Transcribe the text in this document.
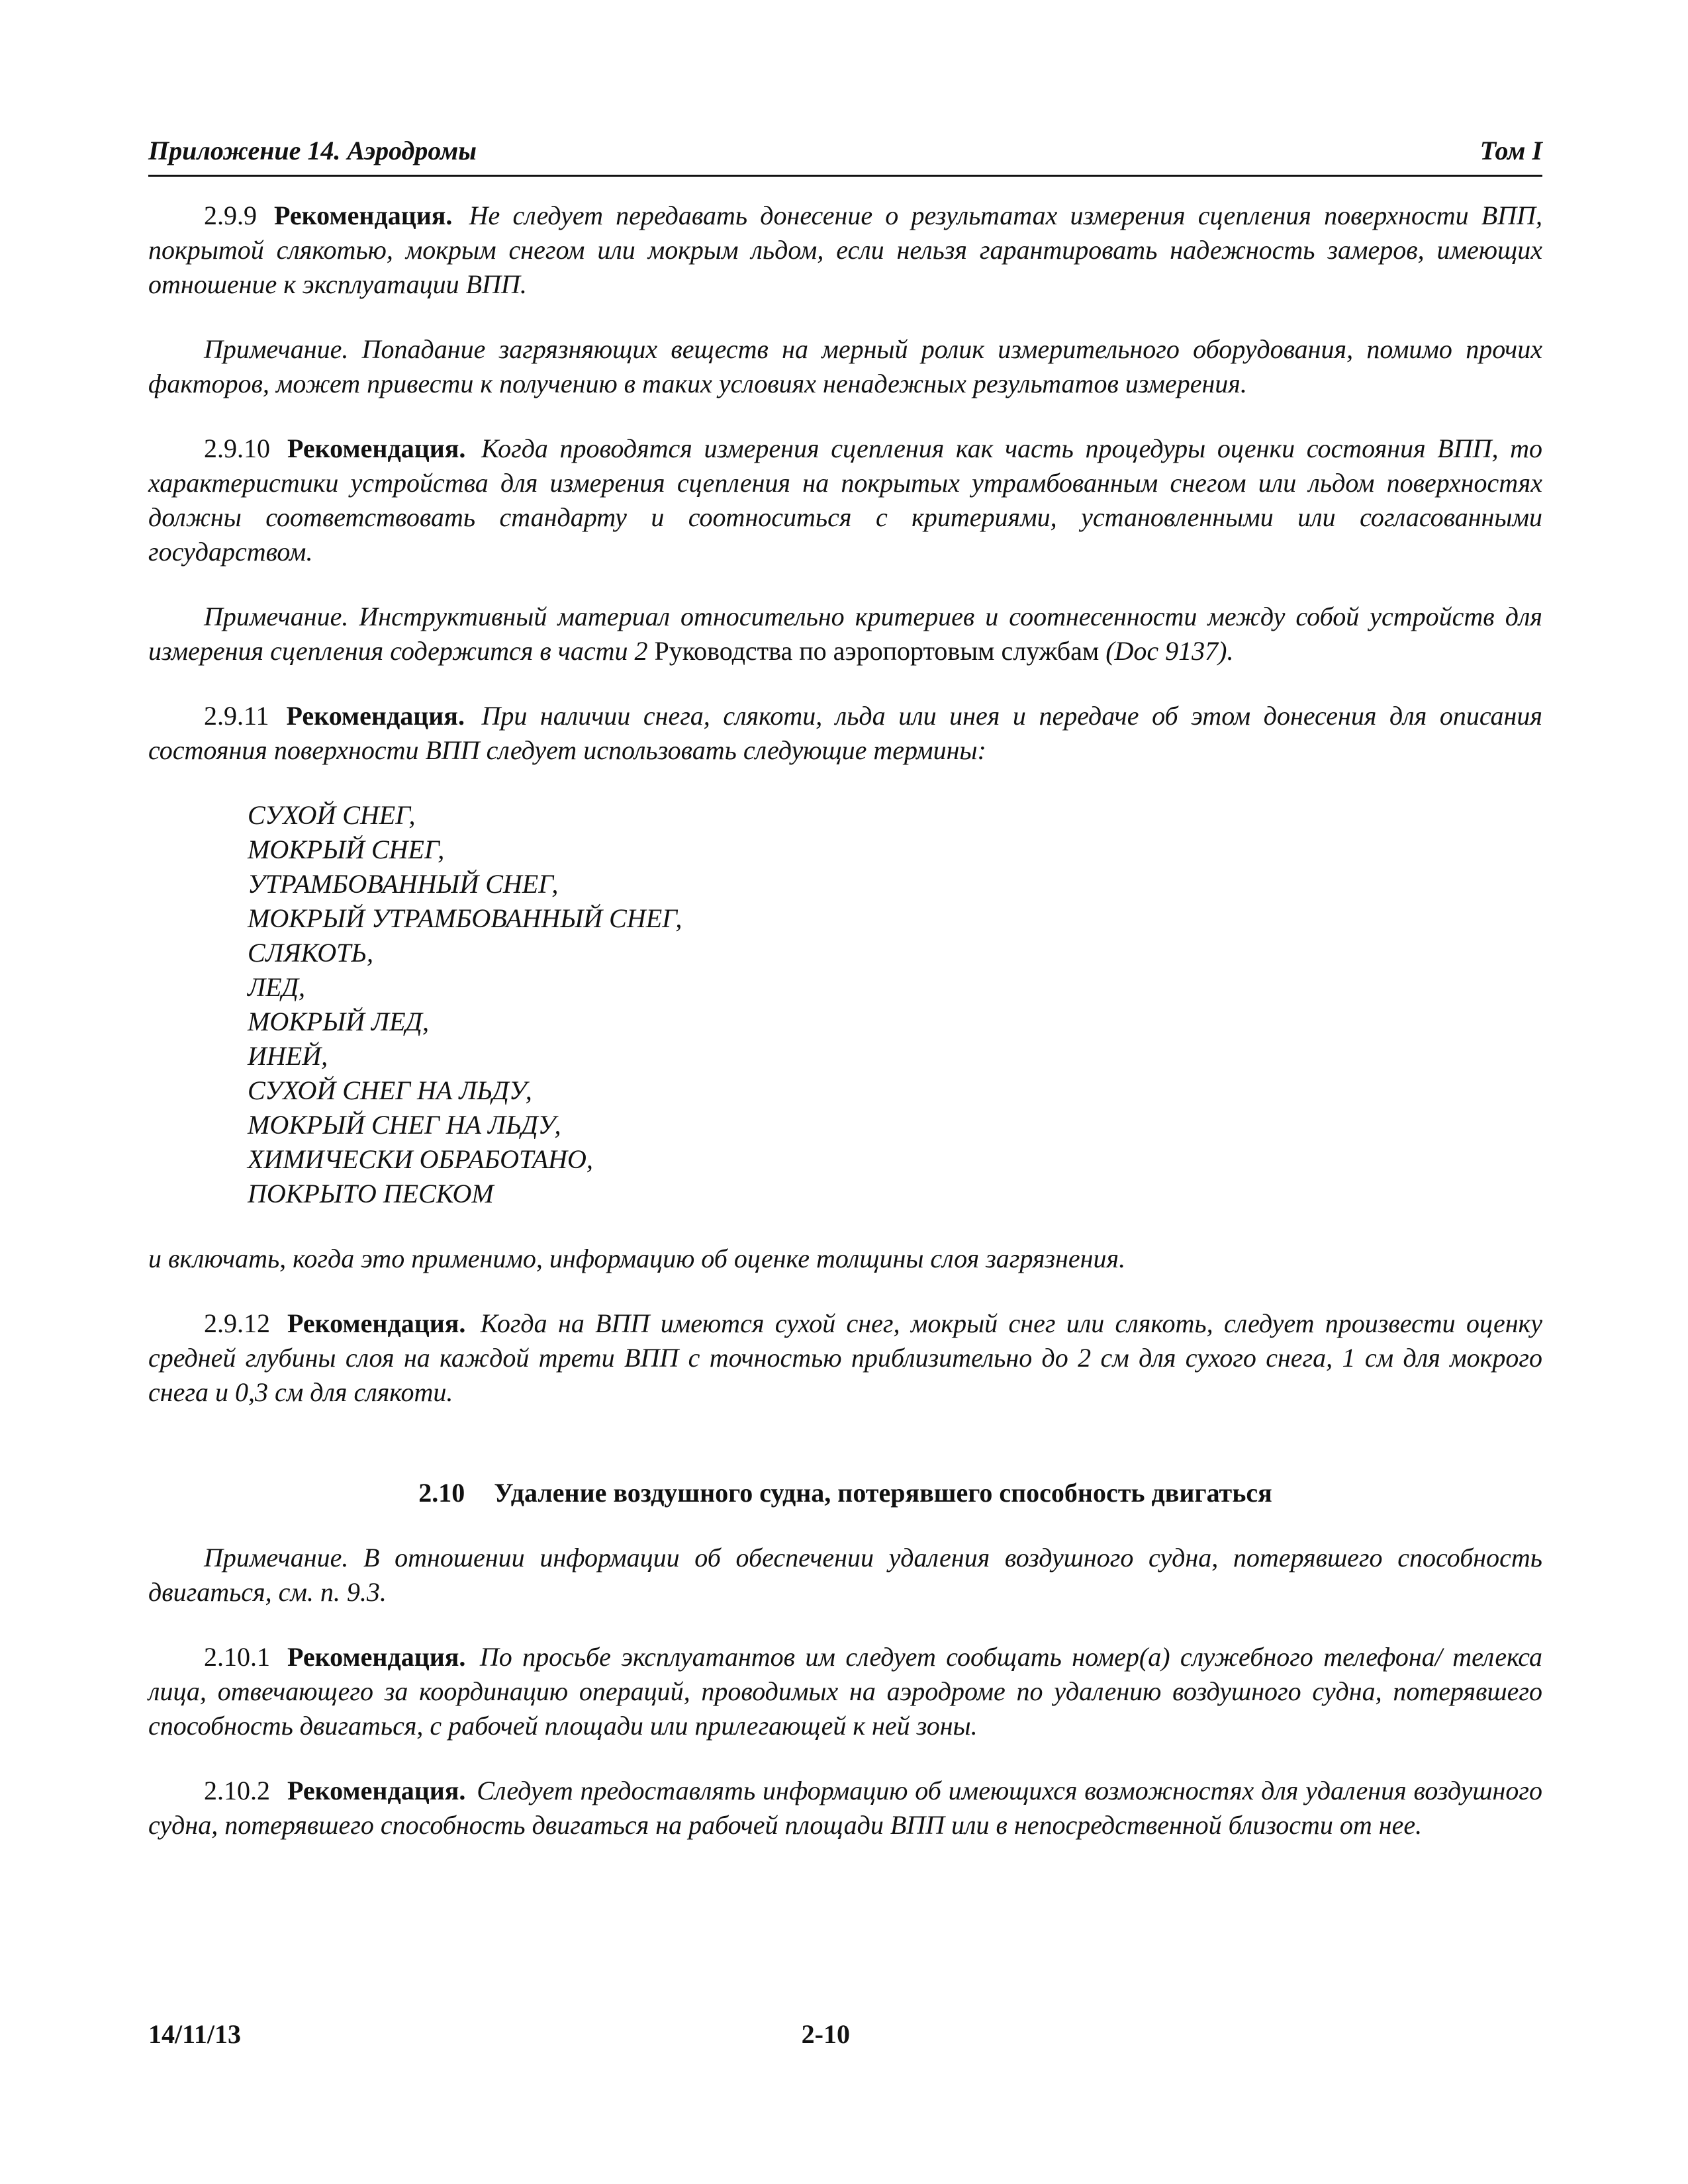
Приложение 14. Аэродромы	Том I

2.9.9 Рекомендация. Не следует передавать донесение о результатах измерения сцепления поверхности ВПП, покрытой слякотью, мокрым снегом или мокрым льдом, если нельзя гарантировать надежность замеров, имеющих отношение к эксплуатации ВПП.

Примечание. Попадание загрязняющих веществ на мерный ролик измерительного оборудования, помимо прочих факторов, может привести к получению в таких условиях ненадежных результатов измерения.

2.9.10 Рекомендация. Когда проводятся измерения сцепления как часть процедуры оценки состояния ВПП, то характеристики устройства для измерения сцепления на покрытых утрамбованным снегом или льдом поверхностях должны соответствовать стандарту и соотноситься с критериями, установленными или согласованными государством.

Примечание. Инструктивный материал относительно критериев и соотнесенности между собой устройств для измерения сцепления содержится в части 2 Руководства по аэропортовым службам (Doc 9137).

2.9.11 Рекомендация. При наличии снега, слякоти, льда или инея и передаче об этом донесения для описания состояния поверхности ВПП следует использовать следующие термины:

СУХОЙ СНЕГ,
МОКРЫЙ СНЕГ,
УТРАМБОВАННЫЙ СНЕГ,
МОКРЫЙ УТРАМБОВАННЫЙ СНЕГ,
СЛЯКОТЬ,
ЛЕД,
МОКРЫЙ ЛЕД,
ИНЕЙ,
СУХОЙ СНЕГ НА ЛЬДУ,
МОКРЫЙ СНЕГ НА ЛЬДУ,
ХИМИЧЕСКИ ОБРАБОТАНО,
ПОКРЫТО ПЕСКОМ

и включать, когда это применимо, информацию об оценке толщины слоя загрязнения.

2.9.12 Рекомендация. Когда на ВПП имеются сухой снег, мокрый снег или слякоть, следует произвести оценку средней глубины слоя на каждой трети ВПП с точностью приблизительно до 2 см для сухого снега, 1 см для мокрого снега и 0,3 см для слякоти.

2.10 Удаление воздушного судна, потерявшего способность двигаться

Примечание. В отношении информации об обеспечении удаления воздушного судна, потерявшего способность двигаться, см. п. 9.3.

2.10.1 Рекомендация. По просьбе эксплуатантов им следует сообщать номер(а) служебного телефона/ телекса лица, отвечающего за координацию операций, проводимых на аэродроме по удалению воздушного судна, потерявшего способность двигаться, с рабочей площади или прилегающей к ней зоны.

2.10.2 Рекомендация. Следует предоставлять информацию об имеющихся возможностях для удаления воздушного судна, потерявшего способность двигаться на рабочей площади ВПП или в непосредственной близости от нее.

14/11/13	2-10
